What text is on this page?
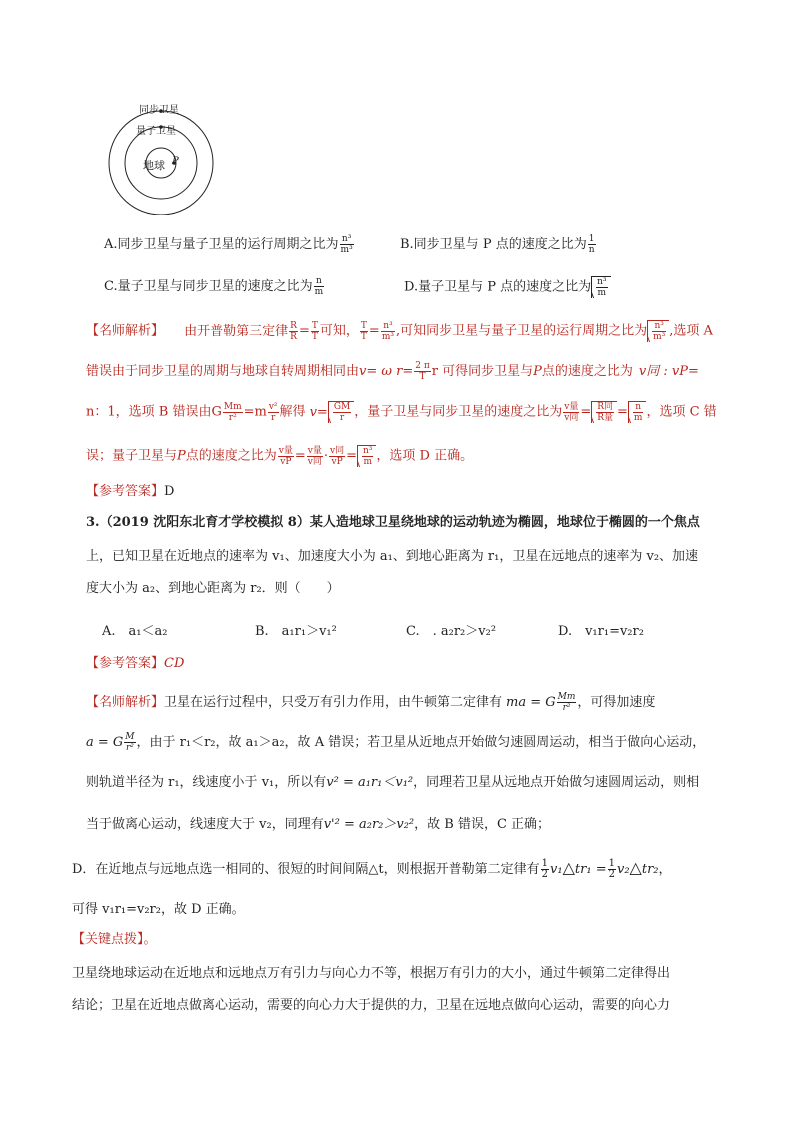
同步卫星
量子卫星
地球 P
A.同步卫星与量子卫星的运行周期之比为 $\frac{\text{n³}}{\text{m³}}$	B.同步卫星与 P 点的速度之比为 $\frac{1}{n}$
C.量子卫星与同步卫星的速度之比为 $\frac{n}{m}$	D.量子卫星与 P 点的速度之比为 $\frac{\text{n³}}{m}$
【名师解析】 由开普勒第三定律 $\frac{R}{R} = \frac{T}{T}$ 可知， $\frac{T}{T} = \frac{\text{n³}}{\text{m³}}$ ,可知同步卫星与量子卫星的运行周期之比为 $\frac{\text{n³}}{\text{m³}}$ ,选项 A
错误由于同步卫星的周期与地球自转周期相同由v= ω $r= \frac{2 \pi}{T}$ r 可得同步卫星与P点的速度之比为 v同 : vP=
n：1，选项 B 错误由G $\frac{Mm}{\text{r²}} =m \frac{\text{v²}}{r}$ 解得 $v= \frac{GM}{r}$ ，量子卫星与同步卫星的速度之比为 $\frac{\text{v量}}{\text{v同}} = \frac{\text{R同}}{\text{R量}} = \frac{n}{m}$ ，选项 C 错
误；量子卫星与P点的速度之比为 $\frac{\text{v量}}{vP} = \frac{\text{v量}}{\text{v同}} \cdot \frac{\text{v同}}{vP} = \frac{\text{n³}}{m}$ ，选项 D 正确。
【参考答案】D
3.（2019 沈阳东北育才学校模拟 8）某人造地球卫星绕地球的运动轨迹为椭圆，地球位于椭圆的一个焦点
上，已知卫星在近地点的速率为 v₁、加速度大小为 a₁、到地心距离为 r₁，卫星在远地点的速率为 v₂、加速
度大小为 a₂、到地心距离为 r₂．则（　　）
A.　a₁＜a₂	B.　a₁r₁＞v₁²	C.　. a₂r₂＞v₂²	D.　v₁r₁=v₂r₂
【参考答案】CD
【名师解析】卫星在运行过程中，只受万有引力作用，由牛顿第二定律有 ma = G $\frac{Mm}{\text{r²}}$ ，可得加速度
a = G $\frac{M}{\text{r²}}$ ，由于 r₁＜r₂，故 a₁＞a₂，故 A 错误；若卫星从近地点开始做匀速圆周运动，相当于做向心运动，
则轨道半径为 r₁，线速度小于 v₁，所以有v² = a₁r₁＜v₁²，同理若卫星从远地点开始做匀速圆周运动，则相
当于做离心运动，线速度大于 v₂，同理有v'² = a₂r₂＞v₂²，故 B 错误，C 正确；
D．在近地点与远地点选一相同的、很短的时间间隔△t，则根据开普勒第二定律有 $\frac{1}{2}$ v₁△tr₁ = $\frac{1}{2}$ v₂△tr₂，
可得 v₁r₁=v₂r₂，故 D 正确。
【关键点拨】。
卫星绕地球运动在近地点和远地点万有引力与向心力不等，根据万有引力的大小，通过牛顿第二定律得出
结论；卫星在近地点做离心运动，需要的向心力大于提供的力，卫星在远地点做向心运动，需要的向心力
